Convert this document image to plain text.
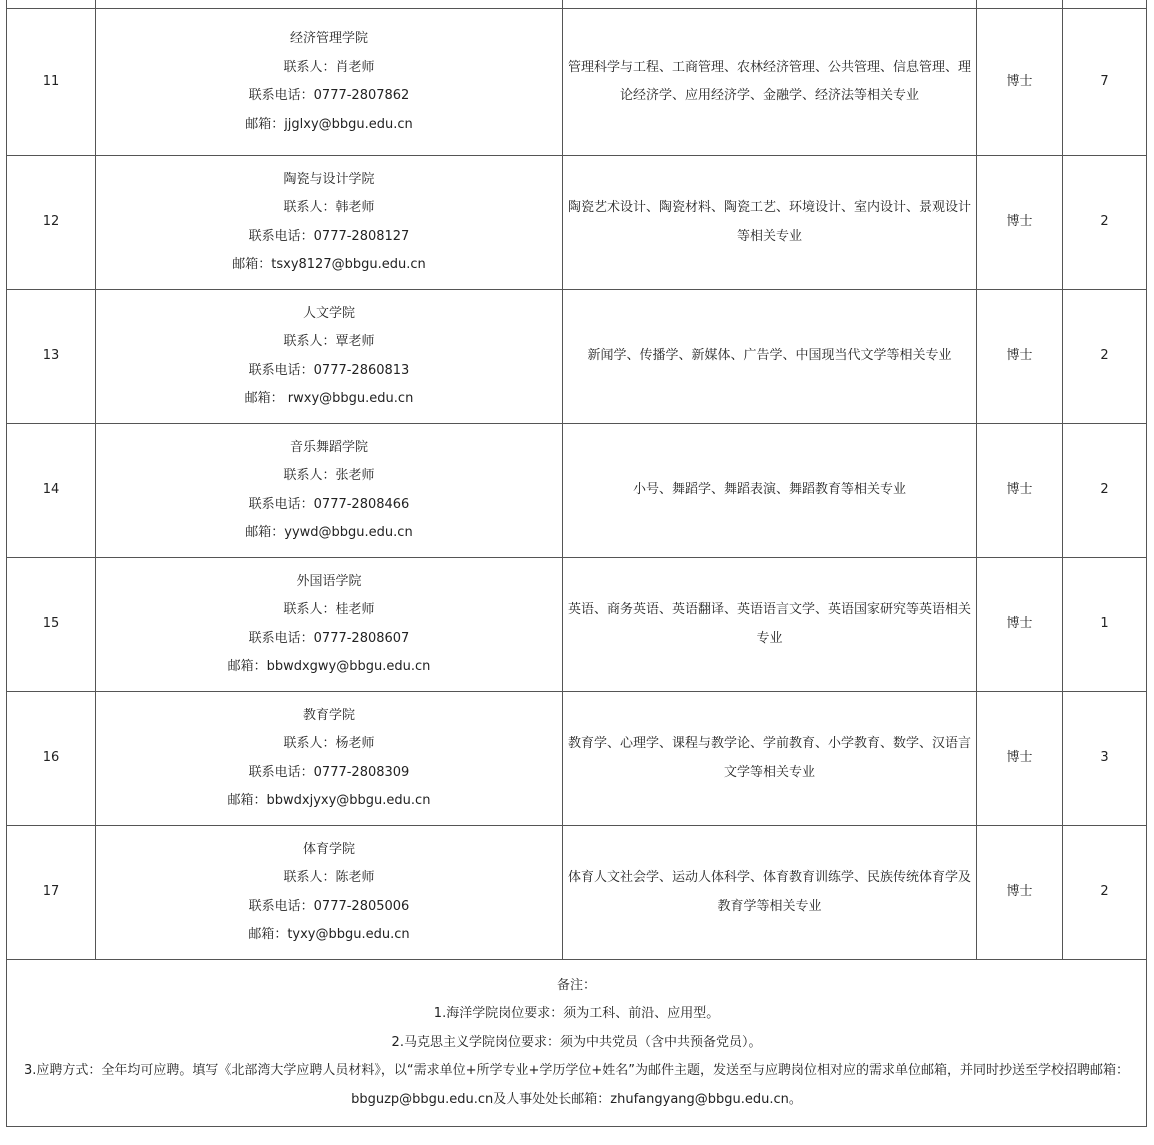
11	经济管理学院
联系人：肖老师
联系电话：0777-2807862
邮箱：jjglxy@bbgu.edu.cn	管理科学与工程、工商管理、农林经济管理、公共管理、信息管理、理论经济学、应用经济学、金融学、经济法等相关专业	博士	7
12	陶瓷与设计学院
联系人：韩老师
联系电话：0777-2808127
邮箱：tsxy8127@bbgu.edu.cn	陶瓷艺术设计、陶瓷材料、陶瓷工艺、环境设计、室内设计、景观设计等相关专业	博士	2
13	人文学院
联系人：覃老师
联系电话：0777-2860813
邮箱： rwxy@bbgu.edu.cn	新闻学、传播学、新媒体、广告学、中国现当代文学等相关专业	博士	2
14	音乐舞蹈学院
联系人：张老师
联系电话：0777-2808466
邮箱：yywd@bbgu.edu.cn	小号、舞蹈学、舞蹈表演、舞蹈教育等相关专业	博士	2
15	外国语学院
联系人：桂老师
联系电话：0777-2808607
邮箱：bbwdxgwy@bbgu.edu.cn	英语、商务英语、英语翻译、英语语言文学、英语国家研究等英语相关专业	博士	1
16	教育学院
联系人：杨老师
联系电话：0777-2808309
邮箱：bbwdxjyxy@bbgu.edu.cn	教育学、心理学、课程与教学论、学前教育、小学教育、数学、汉语言文学等相关专业	博士	3
17	体育学院
联系人：陈老师
联系电话：0777-2805006
邮箱：tyxy@bbgu.edu.cn	体育人文社会学、运动人体科学、体育教育训练学、民族传统体育学及教育学等相关专业	博士	2

备注：
1.海洋学院岗位要求：须为工科、前沿、应用型。
2.马克思主义学院岗位要求：须为中共党员（含中共预备党员）。
3.应聘方式：全年均可应聘。填写《北部湾大学应聘人员材料》，以“需求单位+所学专业+学历学位+姓名”为邮件主题，发送至与应聘岗位相对应的需求单位邮箱，并同时抄送至学校招聘邮箱：bbguzp@bbgu.edu.cn及人事处处长邮箱：zhufangyang@bbgu.edu.cn。				
